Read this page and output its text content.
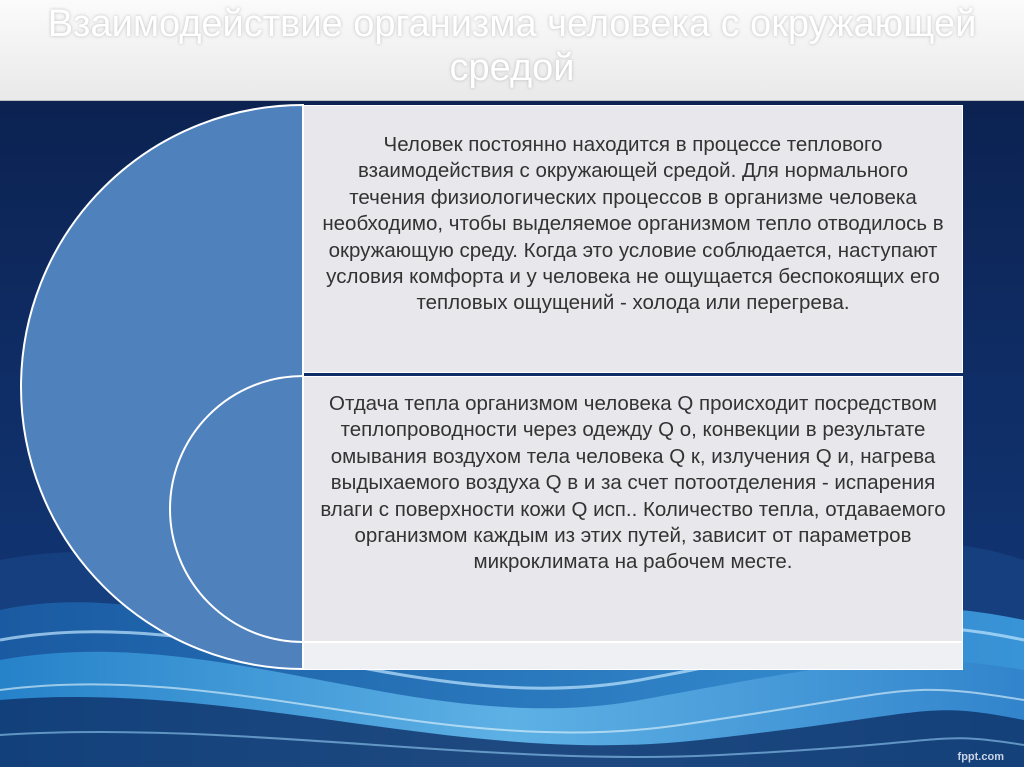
Взаимодействие организма человека с окружающей средой
Человек постоянно находится в процессе теплового взаимодействия с окружающей средой. Для нормального течения физиологических процессов в организме человека необходимо, чтобы выделяемое организмом тепло отводилось в окружающую среду. Когда это условие соблюдается, наступают условия комфорта и у человека не ощущается беспокоящих его тепловых ощущений - холода или перегрева.
Отдача тепла организмом человека Q происходит посредством теплопроводности через одежду Q о, конвекции в результате омывания воздухом тела человека Q к, излучения Q и, нагрева выдыхаемого воздуха Q в и за счет потоотделения - испарения влаги с поверхности кожи Q исп.. Количество тепла, отдаваемого организмом каждым из этих путей, зависит от параметров микроклимата на рабочем месте.
fppt.com
